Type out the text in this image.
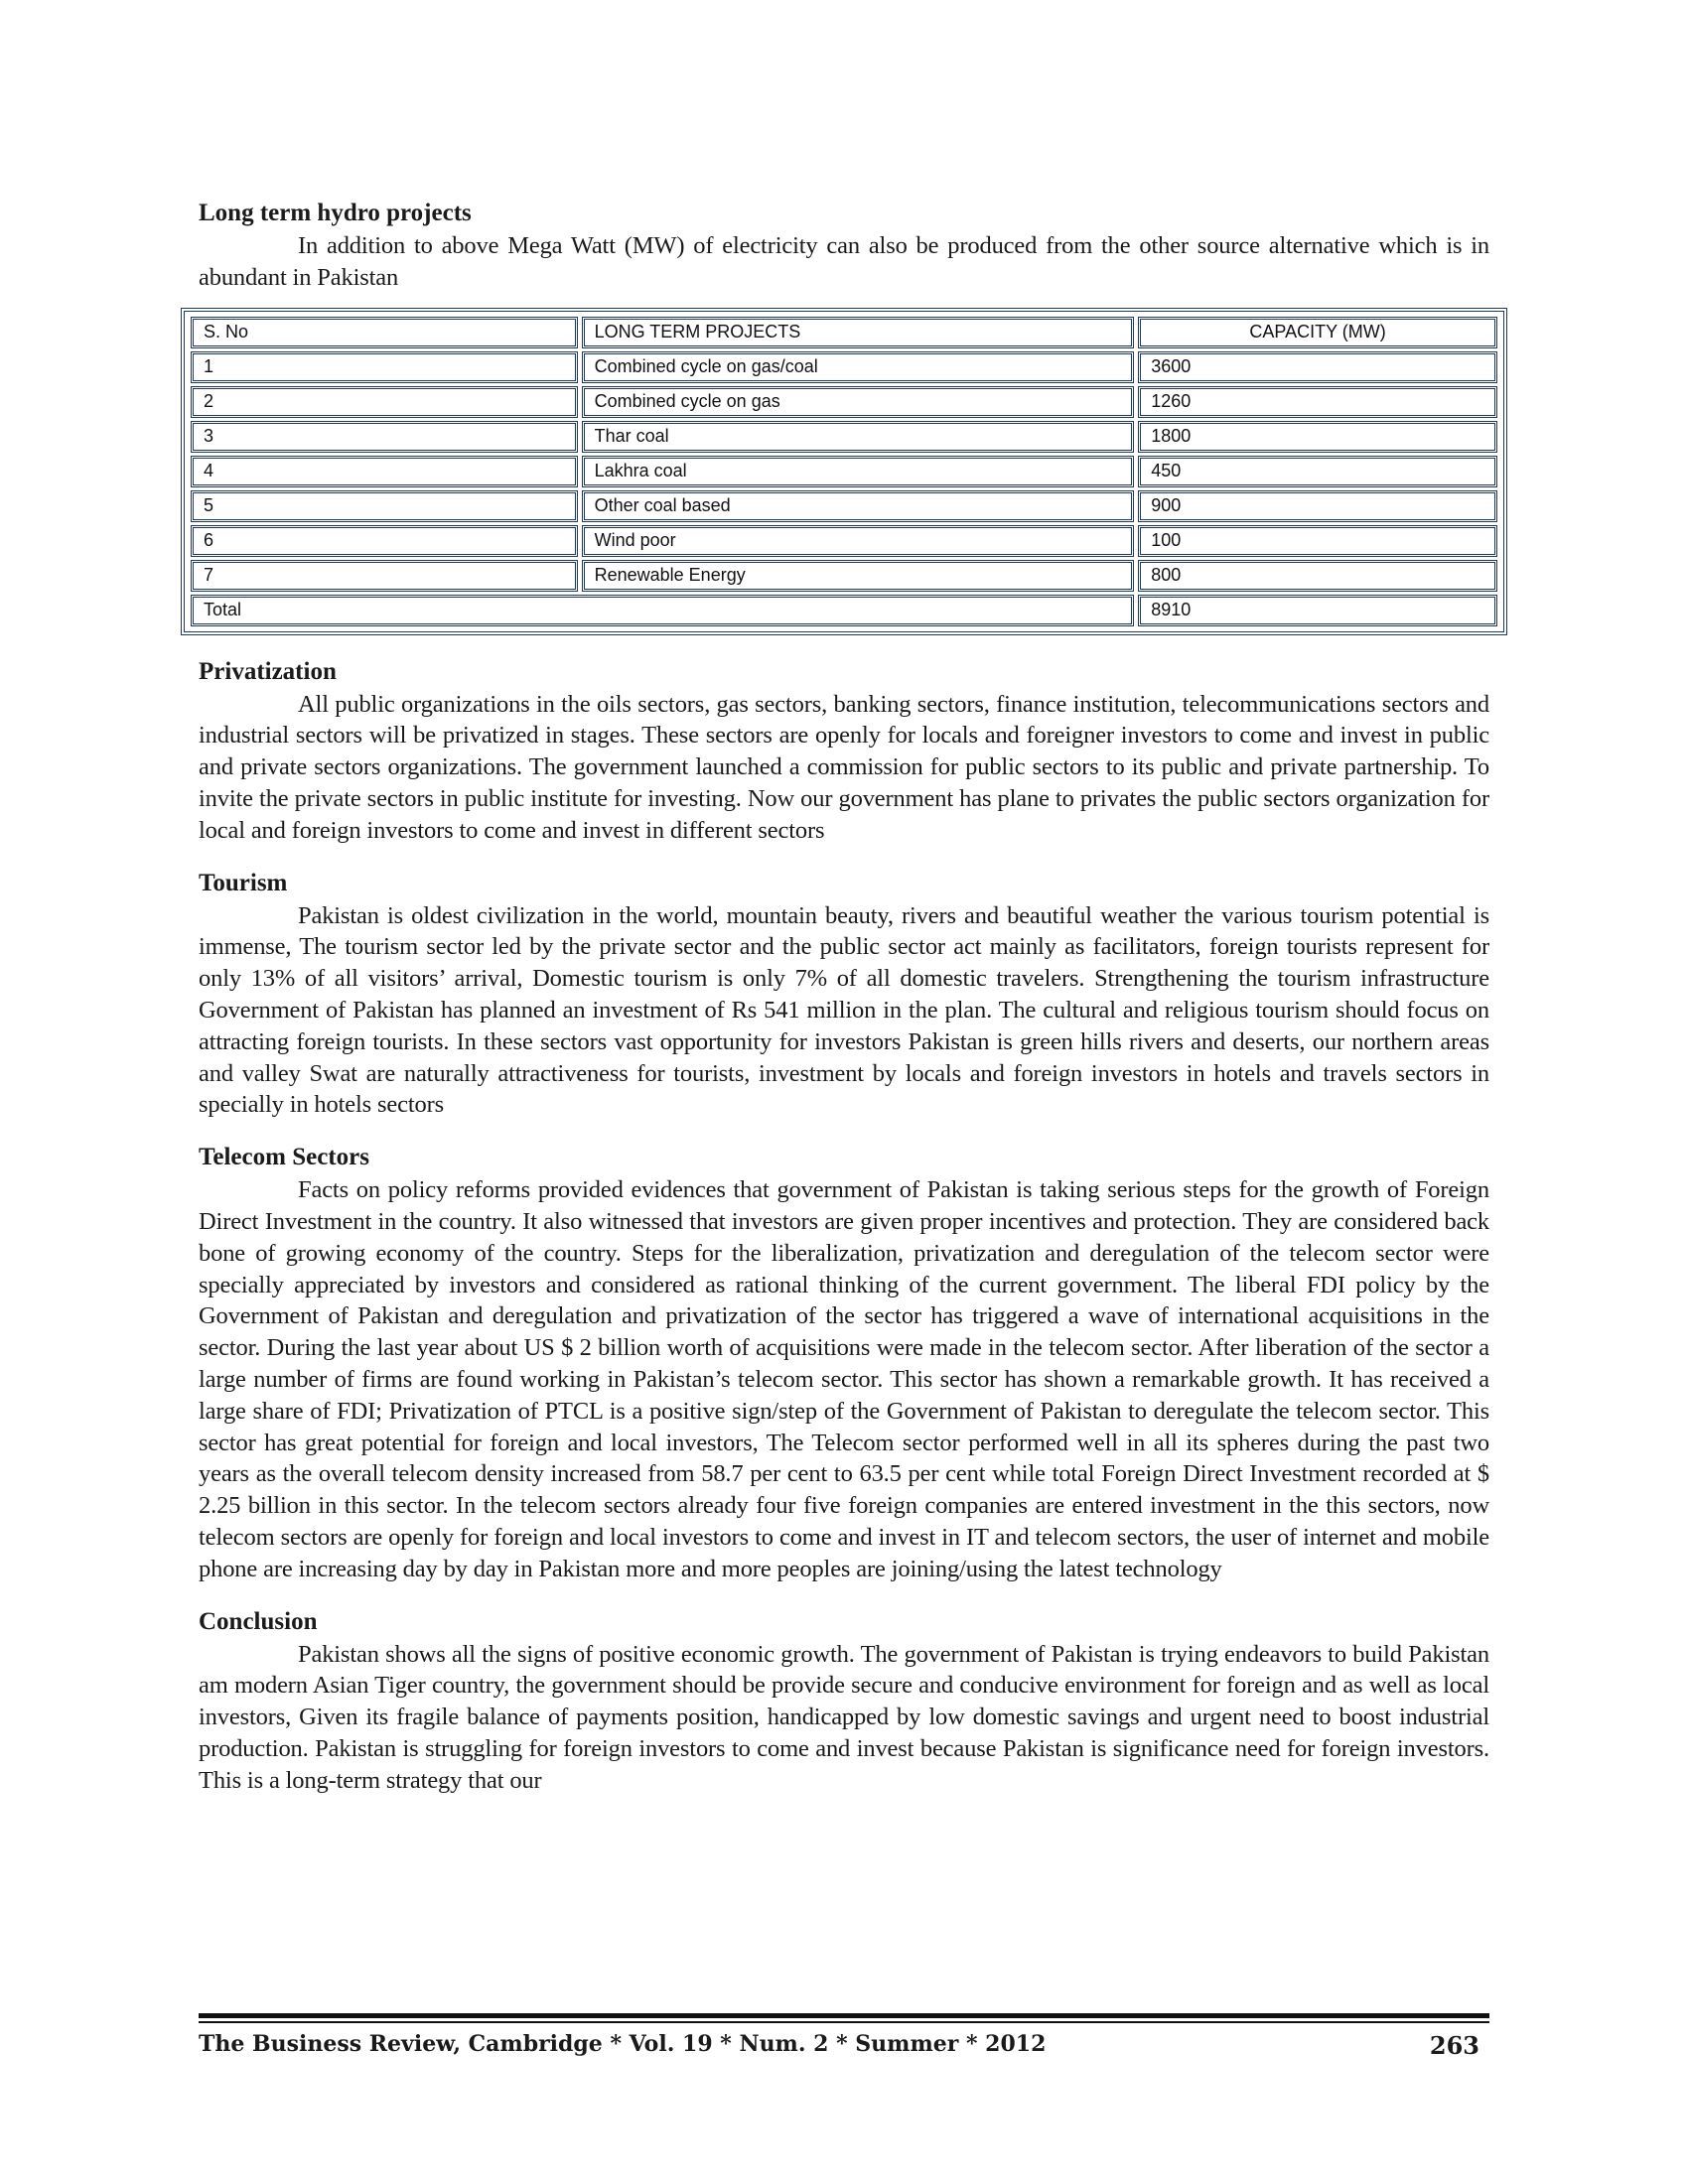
Long term hydro projects

In addition to above Mega Watt (MW) of electricity can also be produced from the other source alternative which is in abundant in Pakistan

S. No	LONG TERM PROJECTS	CAPACITY (MW)
1	Combined cycle on gas/coal	3600
2	Combined cycle on gas	1260
3	Thar coal	1800
4	Lakhra coal	450
5	Other coal based	900
6	Wind poor	100
7	Renewable Energy	800
Total		8910
Privatization

All public organizations in the oils sectors, gas sectors, banking sectors, finance institution, telecommunications sectors and industrial sectors will be privatized in stages. These sectors are openly for locals and foreigner investors to come and invest in public and private sectors organizations. The government launched a commission for public sectors to its public and private partnership. To invite the private sectors in public institute for investing. Now our government has plane to privates the public sectors organization for local and foreign investors to come and invest in different sectors

Tourism

Pakistan is oldest civilization in the world, mountain beauty, rivers and beautiful weather the various tourism potential is immense, The tourism sector led by the private sector and the public sector act mainly as facilitators, foreign tourists represent for only 13% of all visitors’ arrival, Domestic tourism is only 7% of all domestic travelers. Strengthening the tourism infrastructure Government of Pakistan has planned an investment of Rs 541 million in the plan. The cultural and religious tourism should focus on attracting foreign tourists. In these sectors vast opportunity for investors Pakistan is green hills rivers and deserts, our northern areas and valley Swat are naturally attractiveness for tourists, investment by locals and foreign investors in hotels and travels sectors in specially in hotels sectors

Telecom Sectors

Facts on policy reforms provided evidences that government of Pakistan is taking serious steps for the growth of Foreign Direct Investment in the country. It also witnessed that investors are given proper incentives and protection. They are considered back bone of growing economy of the country. Steps for the liberalization, privatization and deregulation of the telecom sector were specially appreciated by investors and considered as rational thinking of the current government. The liberal FDI policy by the Government of Pakistan and deregulation and privatization of the sector has triggered a wave of international acquisitions in the sector. During the last year about US $ 2 billion worth of acquisitions were made in the telecom sector. After liberation of the sector a large number of firms are found working in Pakistan’s telecom sector. This sector has shown a remarkable growth. It has received a large share of FDI; Privatization of PTCL is a positive sign/step of the Government of Pakistan to deregulate the telecom sector. This sector has great potential for foreign and local investors, The Telecom sector performed well in all its spheres during the past two years as the overall telecom density increased from 58.7 per cent to 63.5 per cent while total Foreign Direct Investment recorded at $ 2.25 billion in this sector. In the telecom sectors already four five foreign companies are entered investment in the this sectors, now telecom sectors are openly for foreign and local investors to come and invest in IT and telecom sectors, the user of internet and mobile phone are increasing day by day in Pakistan more and more peoples are joining/using the latest technology

Conclusion

Pakistan shows all the signs of positive economic growth. The government of Pakistan is trying endeavors to build Pakistan am modern Asian Tiger country, the government should be provide secure and conducive environment for foreign and as well as local investors, Given its fragile balance of payments position, handicapped by low domestic savings and urgent need to boost industrial production. Pakistan is struggling for foreign investors to come and invest because Pakistan is significance need for foreign investors. This is a long-term strategy that our

The Business Review, Cambridge * Vol. 19 * Num. 2 * Summer * 2012	263
